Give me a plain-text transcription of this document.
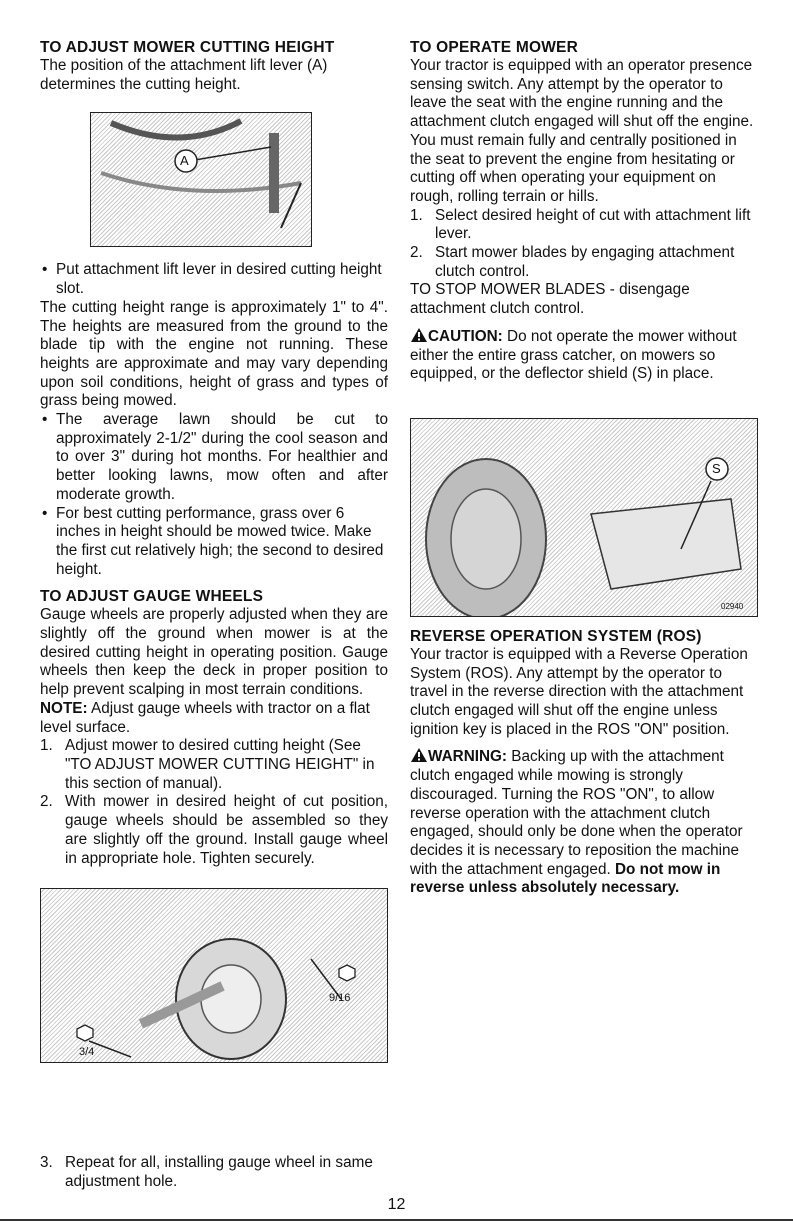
TO ADJUST MOWER CUTTING HEIGHT

The position of the attachment lift lever (A) determines the cutting height.

A
• Put attachment lift lever in desired cutting height slot.

The cutting height range is approximately 1" to 4". The heights are measured from the ground to the blade tip with the engine not running. These heights are approximate and may vary depending upon soil conditions, height of grass and types of grass being mowed.

• The average lawn should be cut to approximately 2-1/2" during the cool season and to over 3" during hot months. For healthier and better looking lawns, mow often and after moderate growth.
• For best cutting performance, grass over 6 inches in height should be mowed twice. Make the first cut relatively high; the second to desired height.
TO ADJUST GAUGE WHEELS

Gauge wheels are properly adjusted when they are slightly off the ground when mower is at the desired cutting height in operating position. Gauge wheels then keep the deck in proper position to help prevent scalping in most terrain conditions.

NOTE: Adjust gauge wheels with tractor on a flat level surface.

1. Adjust mower to desired cutting height (See "TO ADJUST MOWER CUTTING HEIGHT" in this section of manual).
2. With mower in desired height of cut position, gauge wheels should be assembled so they are slightly off the ground. Install gauge wheel in appropriate hole. Tighten securely.
9/16
3/4
TO OPERATE MOWER

Your tractor is equipped with an operator presence sensing switch. Any attempt by the operator to leave the seat with the engine running and the attachment clutch engaged will shut off the engine. You must remain fully and centrally positioned in the seat to prevent the engine from hesitating or cutting off when operating your equipment on rough, rolling terrain or hills.

1. Select desired height of cut with attachment lift lever.
2. Start mower blades by engaging attachment clutch control.

TO STOP MOWER BLADES - disengage attachment clutch control.

CAUTION: Do not operate the mower without either the entire grass catcher, on mowers so equipped, or the deflector shield (S) in place.

S
02940
REVERSE OPERATION SYSTEM (ROS)

Your tractor is equipped with a Reverse Operation System (ROS). Any attempt by the operator to travel in the reverse direction with the attachment clutch engaged will shut off the engine unless ignition key is placed in the ROS "ON" position.

WARNING: Backing up with the attachment clutch engaged while mowing is strongly discouraged. Turning the ROS "ON", to allow reverse operation with the attachment clutch engaged, should only be done when the operator decides it is necessary to reposition the machine with the attachment engaged. Do not mow in reverse unless absolutely necessary.

3. Repeat for all, installing gauge wheel in same adjustment hole.
12
